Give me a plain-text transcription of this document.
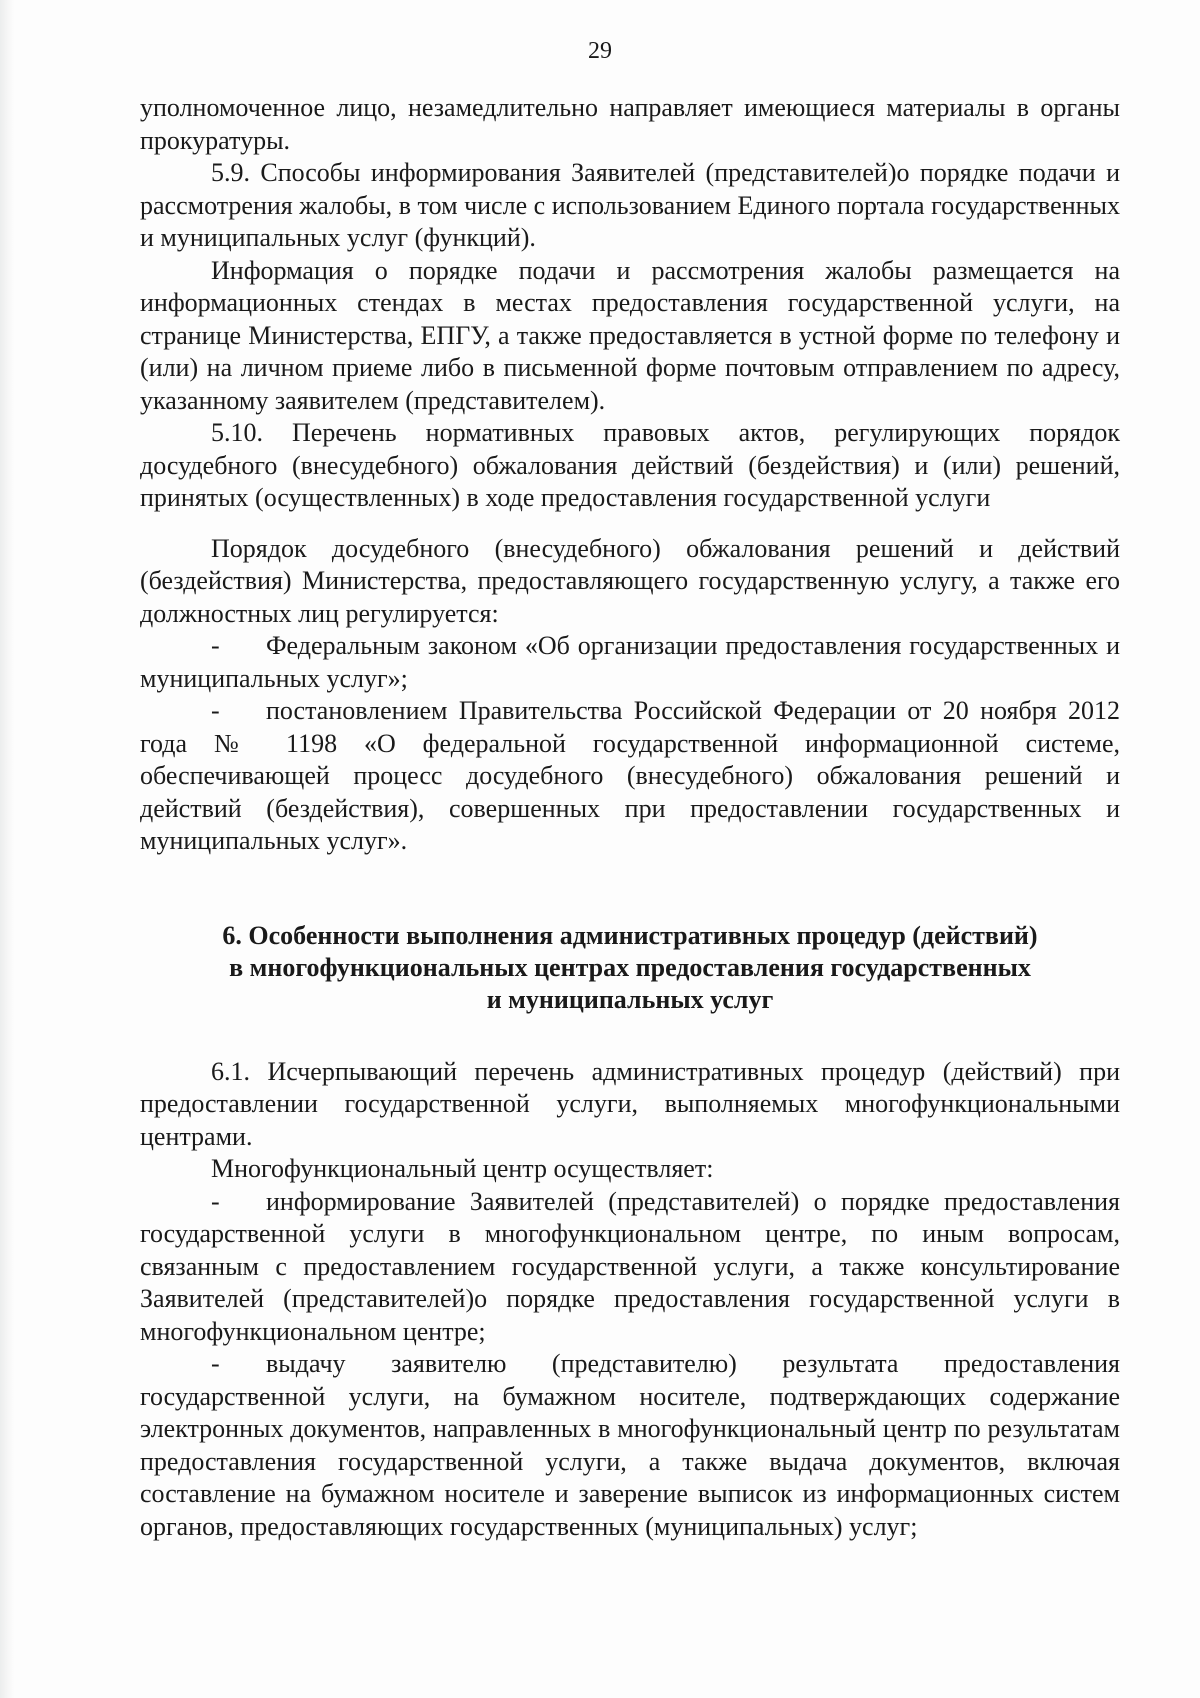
29

уполномоченное лицо, незамедлительно направляет имеющиеся материалы в органы прокуратуры.

5.9. Способы информирования Заявителей (представителей)о порядке подачи и рассмотрения жалобы, в том числе с использованием Единого портала государственных и муниципальных услуг (функций).

Информация о порядке подачи и рассмотрения жалобы размещается на информационных стендах в местах предоставления государственной услуги, на странице Министерства, ЕПГУ, а также предоставляется в устной форме по телефону и (или) на личном приеме либо в письменной форме почтовым отправлением по адресу, указанному заявителем (представителем).

5.10. Перечень нормативных правовых актов, регулирующих порядок досудебного (внесудебного) обжалования действий (бездействия) и (или) решений, принятых (осуществленных) в ходе предоставления государственной услуги

Порядок досудебного (внесудебного) обжалования решений и действий (бездействия) Министерства, предоставляющего государственную услугу, а также его должностных лиц регулируется:

- Федеральным законом «Об организации предоставления государственных и муниципальных услуг»;

- постановлением Правительства Российской Федерации от 20 ноября 2012 года № 1198 «О федеральной государственной информационной системе, обеспечивающей процесс досудебного (внесудебного) обжалования решений и действий (бездействия), совершенных при предоставлении государственных и муниципальных услуг».

6. Особенности выполнения административных процедур (действий)
в многофункциональных центрах предоставления государственных
и муниципальных услуг

6.1. Исчерпывающий перечень административных процедур (действий) при предоставлении государственной услуги, выполняемых многофункциональными центрами.

Многофункциональный центр осуществляет:

- информирование Заявителей (представителей) о порядке предоставления государственной услуги в многофункциональном центре, по иным вопросам, связанным с предоставлением государственной услуги, а также консультирование Заявителей (представителей)о порядке предоставления государственной услуги в многофункциональном центре;

- выдачу заявителю (представителю) результата предоставления государственной услуги, на бумажном носителе, подтверждающих содержание электронных документов, направленных в многофункциональный центр по результатам предоставления государственной услуги, а также выдача документов, включая составление на бумажном носителе и заверение выписок из информационных систем органов, предоставляющих государственных (муниципальных) услуг;
